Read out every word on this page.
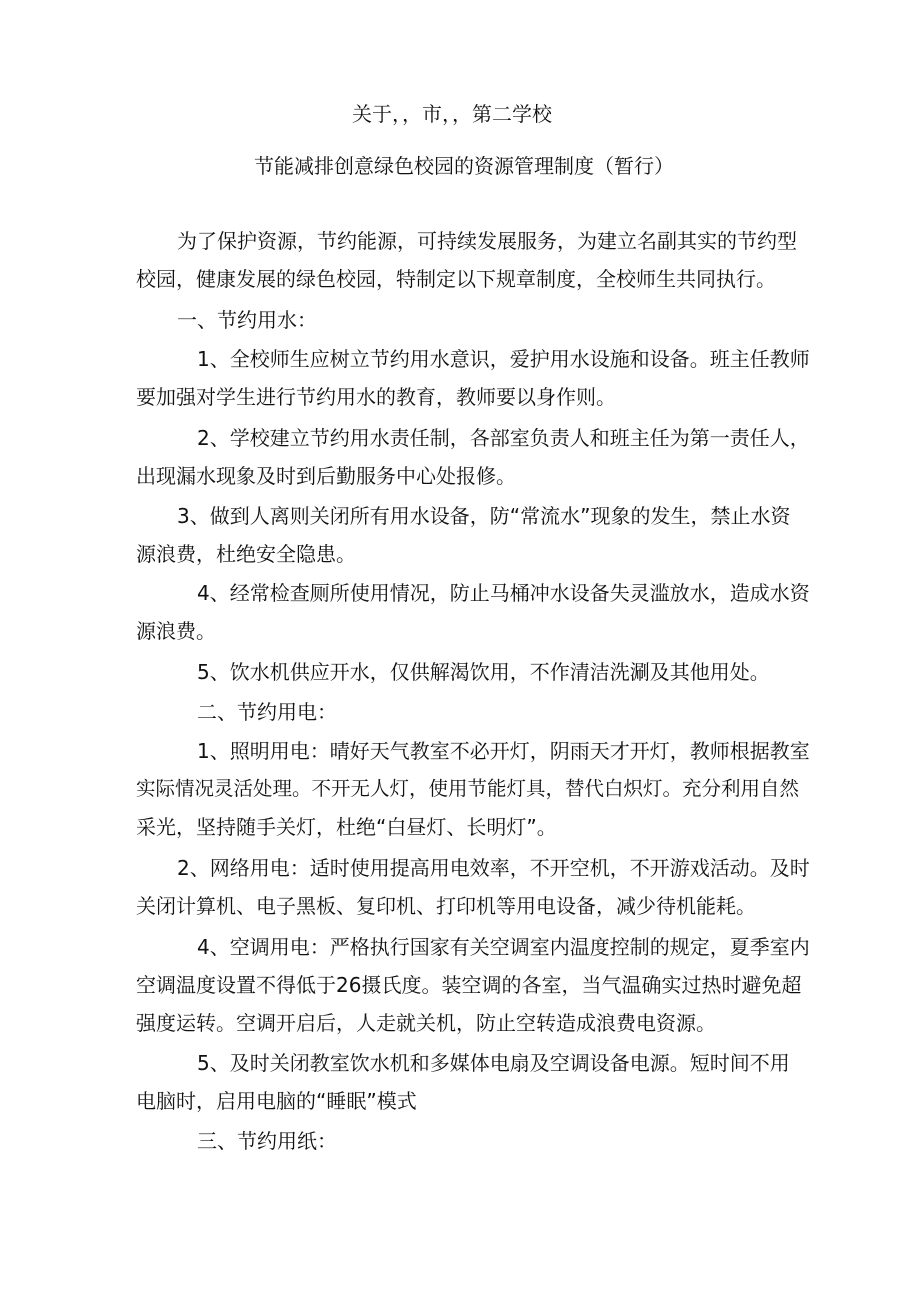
关于，，市，，第二学校
节能减排创意绿色校园的资源管理制度（暂行）
为了保护资源，节约能源，可持续发展服务，为建立名副其实的节约型
校园，健康发展的绿色校园，特制定以下规章制度，全校师生共同执行。
一、节约用水：
1、全校师生应树立节约用水意识，爱护用水设施和设备。班主任教师
要加强对学生进行节约用水的教育，教师要以身作则。
2、学校建立节约用水责任制，各部室负责人和班主任为第一责任人，
出现漏水现象及时到后勤服务中心处报修。
3、做到人离则关闭所有用水设备，防“常流水”现象的发生，禁止水资
源浪费，杜绝安全隐患。
4、经常检查厕所使用情况，防止马桶冲水设备失灵滥放水，造成水资
源浪费。
5、饮水机供应开水，仅供解渴饮用，不作清洁洗涮及其他用处。
二、节约用电：
1、照明用电：晴好天气教室不必开灯，阴雨天才开灯，教师根据教室
实际情况灵活处理。不开无人灯，使用节能灯具，替代白炽灯。充分利用自然
采光，坚持随手关灯，杜绝“白昼灯、长明灯”。
2、网络用电：适时使用提高用电效率，不开空机，不开游戏活动。及时
关闭计算机、电子黑板、复印机、打印机等用电设备，减少待机能耗。
4、空调用电：严格执行国家有关空调室内温度控制的规定，夏季室内
空调温度设置不得低于26摄氏度。装空调的各室，当气温确实过热时避免超
强度运转。空调开启后，人走就关机，防止空转造成浪费电资源。
5、及时关闭教室饮水机和多媒体电扇及空调设备电源。短时间不用
电脑时，启用电脑的“睡眠”模式
三、节约用纸：
